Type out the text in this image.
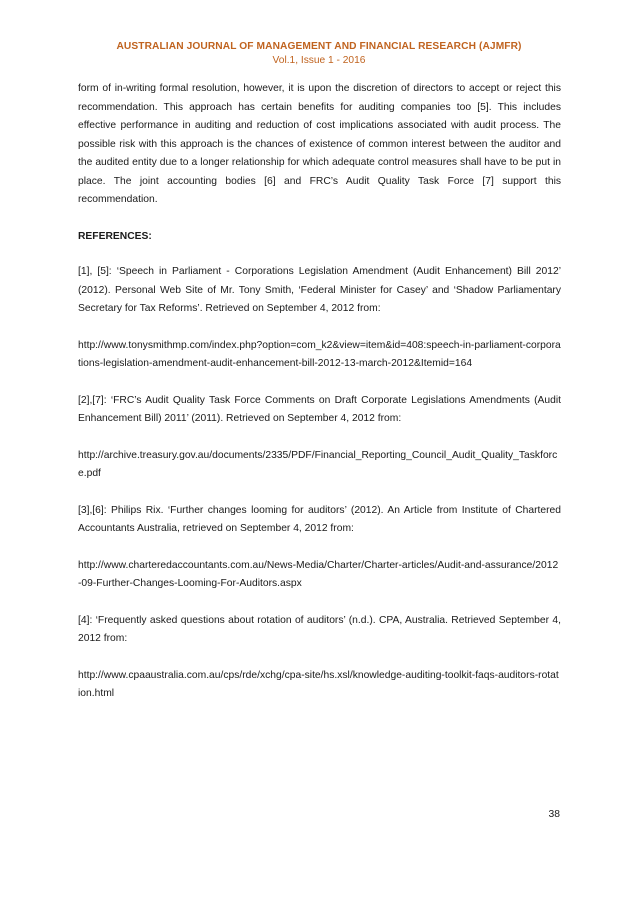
AUSTRALIAN JOURNAL OF MANAGEMENT AND FINANCIAL RESEARCH (AJMFR)
Vol.1, Issue 1 - 2016

form of in-writing formal resolution, however, it is upon the discretion of directors to accept or reject this recommendation. This approach has certain benefits for auditing companies too [5]. This includes effective performance in auditing and reduction of cost implications associated with audit process. The possible risk with this approach is the chances of existence of common interest between the auditor and the audited entity due to a longer relationship for which adequate control measures shall have to be put in place. The joint accounting bodies [6] and FRC’s Audit Quality Task Force [7] support this recommendation.

REFERENCES:

[1], [5]: ‘Speech in Parliament - Corporations Legislation Amendment (Audit Enhancement) Bill 2012’ (2012). Personal Web Site of Mr. Tony Smith, ‘Federal Minister for Casey’ and ‘Shadow Parliamentary Secretary for Tax Reforms’. Retrieved on September 4, 2012 from:

http://www.tonysmithmp.com/index.php?option=com_k2&view=item&id=408:speech-in-parliament-corporations-legislation-amendment-audit-enhancement-bill-2012-13-march-2012&Itemid=164

[2],[7]: ‘FRC’s Audit Quality Task Force Comments on Draft Corporate Legislations Amendments (Audit Enhancement Bill) 2011’ (2011). Retrieved on September 4, 2012 from:

http://archive.treasury.gov.au/documents/2335/PDF/Financial_Reporting_Council_Audit_Quality_Taskforce.pdf

[3],[6]: Philips Rix. ‘Further changes looming for auditors’ (2012). An Article from Institute of Chartered Accountants Australia, retrieved on September 4, 2012 from:

http://www.charteredaccountants.com.au/News-Media/Charter/Charter-articles/Audit-and-assurance/2012-09-Further-Changes-Looming-For-Auditors.aspx

[4]: ‘Frequently asked questions about rotation of auditors’ (n.d.). CPA, Australia. Retrieved September 4, 2012 from:

http://www.cpaaustralia.com.au/cps/rde/xchg/cpa-site/hs.xsl/knowledge-auditing-toolkit-faqs-auditors-rotation.html

38
